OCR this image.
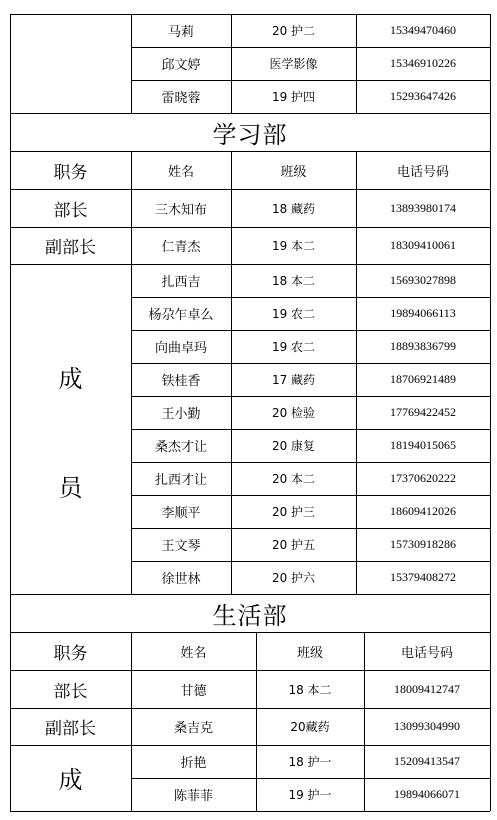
马莉	20 护二	15349470460
邱文婷	医学影像	15346910226
雷晓蓉	19 护四	15293647426
学习部
职务	姓名	班级	电话号码
部长	三木知布	18 藏药	13893980174
副部长	仁青杰	19 本二	18309410061
成
员
扎西吉	18 本二	15693027898
杨尕乍卓么	19 农二	19894066113
向曲卓玛	19 农二	18893836799
铁桂香	17 藏药	18706921489
王小勤	20 检验	17769422452
桑杰才让	20 康复	18194015065
扎西才让	20 本二	17370620222
李顺平	20 护三	18609412026
王文琴	20 护五	15730918286
徐世林	20 护六	15379408272
生活部
职务	姓名	班级	电话号码
部长	甘德	18 本二	18009412747
副部长	桑吉克	20藏药	13099304990
成
折艳	18 护一	15209413547
陈菲菲	19 护一	19894066071
